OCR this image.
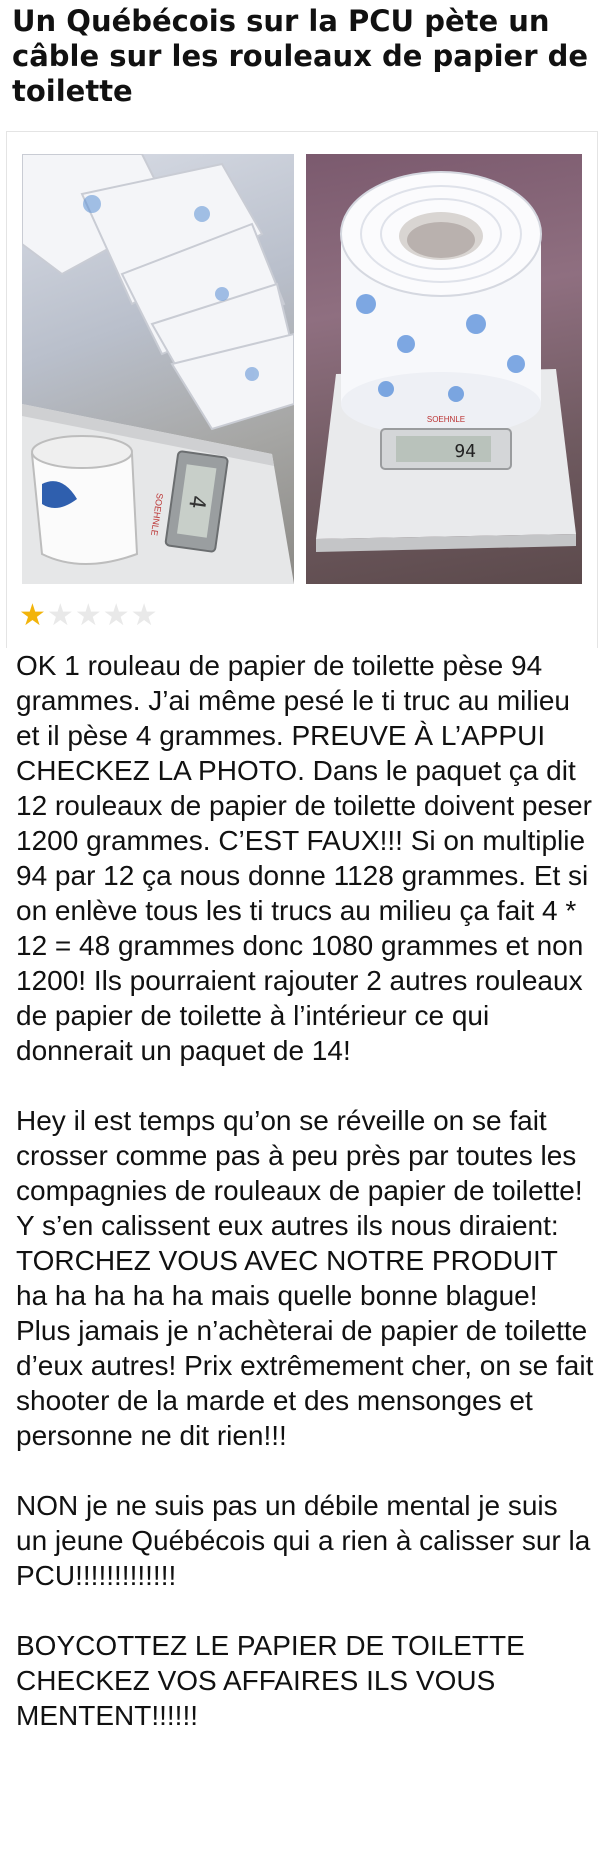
Un Québécois sur la PCU pète un câble sur les rouleaux de papier de toilette
4
SOEHNLE
SOEHNLE
94
★★★★★

OK 1 rouleau de papier de toilette pèse 94 grammes. J’ai même pesé le ti truc au milieu et il pèse 4 grammes. PREUVE À L’APPUI CHECKEZ LA PHOTO. Dans le paquet ça dit 12 rouleaux de papier de toilette doivent peser 1200 grammes. C’EST FAUX!!! Si on multiplie 94 par 12 ça nous donne 1128 grammes. Et si on enlève tous les ti trucs au milieu ça fait 4 * 12 = 48 grammes donc 1080 grammes et non 1200! Ils pourraient rajouter 2 autres rouleaux de papier de toilette à l’intérieur ce qui donnerait un paquet de 14!

Hey il est temps qu’on se réveille on se fait crosser comme pas à peu près par toutes les compagnies de rouleaux de papier de toilette! Y s’en calissent eux autres ils nous diraient: TORCHEZ VOUS AVEC NOTRE PRODUIT ha ha ha ha ha mais quelle bonne blague! Plus jamais je n’achèterai de papier de toilette d’eux autres! Prix extrêmement cher, on se fait shooter de la marde et des mensonges et personne ne dit rien!!!

NON je ne suis pas un débile mental je suis un jeune Québécois qui a rien à calisser sur la PCU!!!!!!!!!!!!!

BOYCOTTEZ LE PAPIER DE TOILETTE CHECKEZ VOS AFFAIRES ILS VOUS MENTENT!!!!!!
